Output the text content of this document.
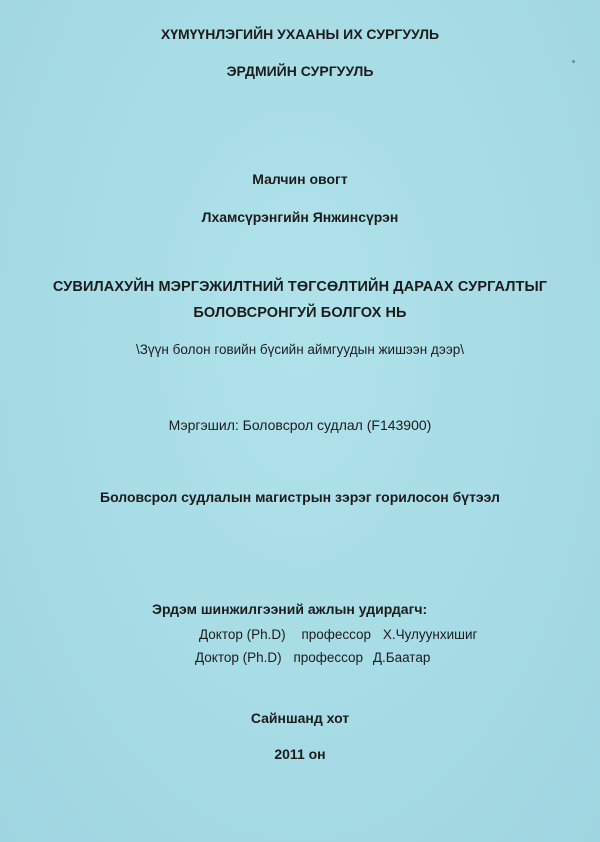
ХҮМҮҮНЛЭГИЙН УХААНЫ ИХ СУРГУУЛЬ
ЭРДМИЙН СУРГУУЛЬ
Малчин овогт
Лхамсүрэнгийн Янжинсүрэн
СУВИЛАХУЙН МЭРГЭЖИЛТНИЙ ТӨГСӨЛТИЙН ДАРААХ СУРГАЛТЫГ
БОЛОВСРОНГУЙ БОЛГОХ НЬ
\Зүүн болон говийн бүсийн аймгуудын жишээн дээр\
Мэргэшил: Боловсрол судлал (F143900)
Боловсрол судлалын магистрын зэрэг горилосон бүтээл
Эрдэм шинжилгээний ажлын удирдагч:
Доктор (Ph.D) профессор Х.Чулуунхишиг
Доктор (Ph.D) профессор Д.Баатар
Сайншанд хот
2011 он
